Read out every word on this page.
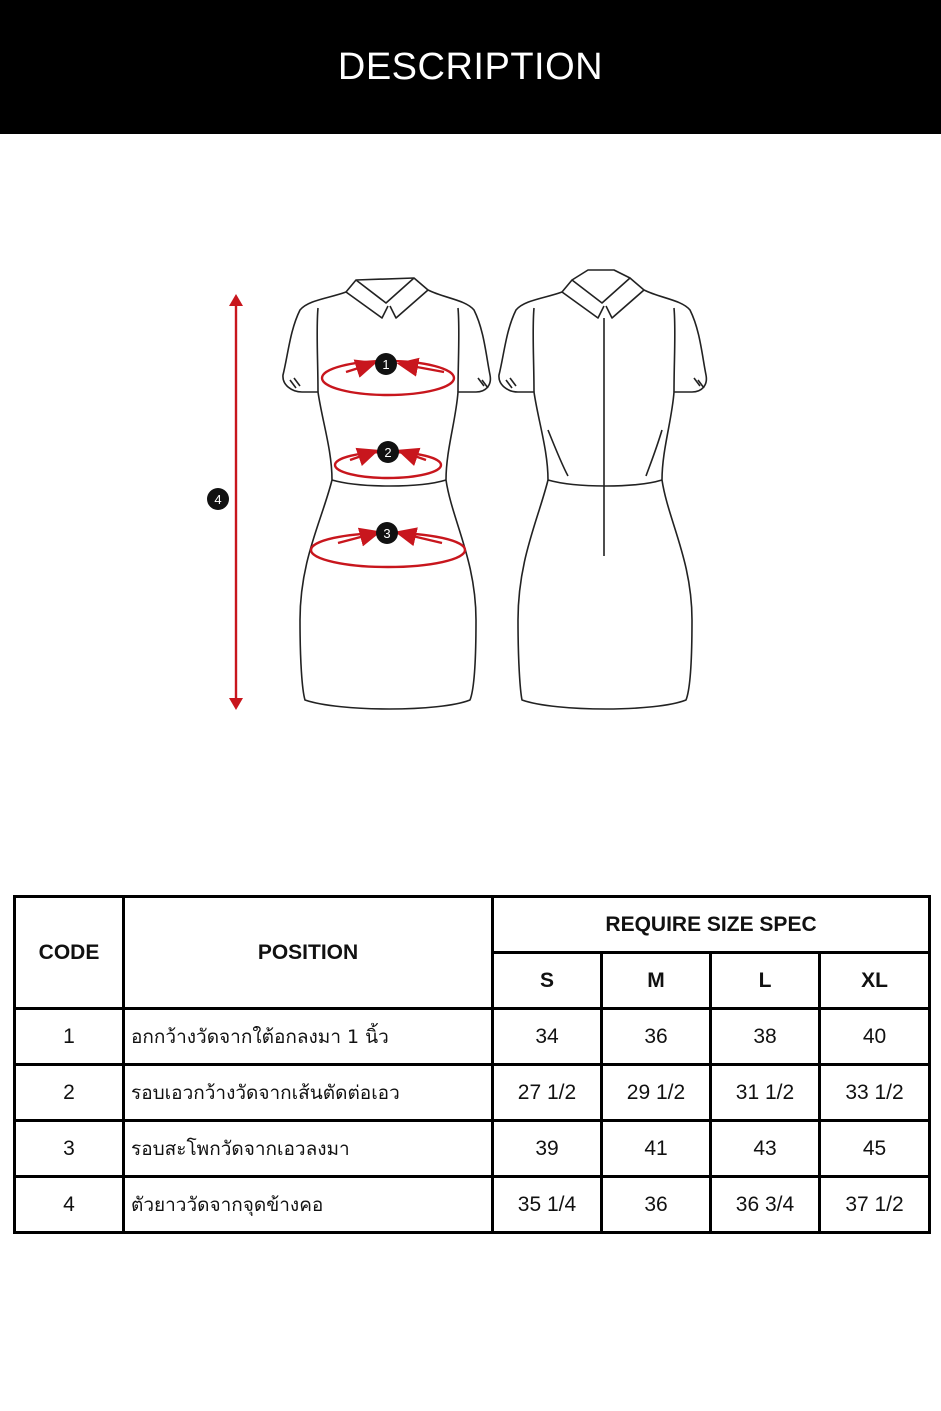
DESCRIPTION
1
2
3
4
CODE	POSITION	REQUIRE SIZE SPEC			
		S	M	L	XL
1	อกกว้างวัดจากใต้อกลงมา 1 นิ้ว	34	36	38	40
2	รอบเอวกว้างวัดจากเส้นตัดต่อเอว	27 1/2	29 1/2	31 1/2	33 1/2
3	รอบสะโพกวัดจากเอวลงมา	39	41	43	45
4	ตัวยาววัดจากจุดข้างคอ	35 1/4	36	36 3/4	37 1/2
